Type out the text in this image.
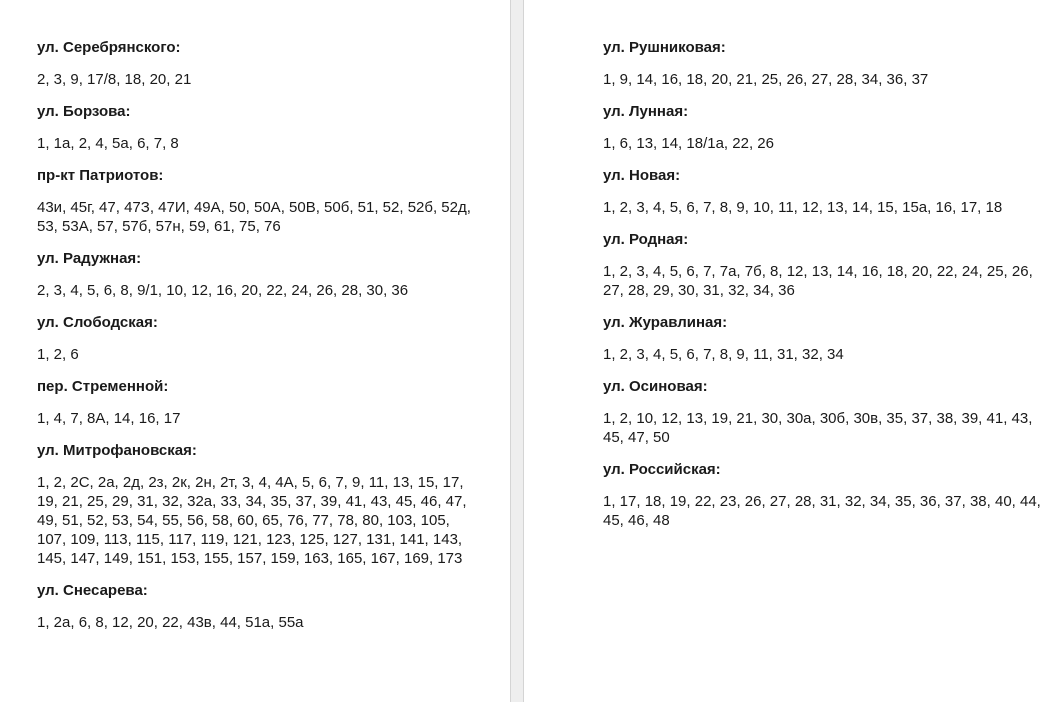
ул. Серебрянского:

2, 3, 9, 17/8, 18, 20, 21

ул. Борзова:

1, 1а, 2, 4, 5а, 6, 7, 8

пр-кт Патриотов:

43и, 45г, 47, 47З, 47И, 49А, 50, 50А, 50В, 50б, 51, 52, 52б, 52д, 53, 53А, 57, 57б, 57н, 59, 61, 75, 76

ул. Радужная:

2, 3, 4, 5, 6, 8, 9/1, 10, 12, 16, 20, 22, 24, 26, 28, 30, 36

ул. Слободская:

1, 2, 6

пер. Стременной:

1, 4, 7, 8А, 14, 16, 17

ул. Митрофановская:

1, 2, 2С, 2а, 2д, 2з, 2к, 2н, 2т, 3, 4, 4А, 5, 6, 7, 9, 11, 13, 15, 17, 19, 21, 25, 29, 31, 32, 32а, 33, 34, 35, 37, 39, 41, 43, 45, 46, 47, 49, 51, 52, 53, 54, 55, 56, 58, 60, 65, 76, 77, 78, 80, 103, 105, 107, 109, 113, 115, 117, 119, 121, 123, 125, 127, 131, 141, 143, 145, 147, 149, 151, 153, 155, 157, 159, 163, 165, 167, 169, 173

ул. Снесарева:

1, 2а, 6, 8, 12, 20, 22, 43в, 44, 51а, 55а

ул. Рушниковая:

1, 9, 14, 16, 18, 20, 21, 25, 26, 27, 28, 34, 36, 37

ул. Лунная:

1, 6, 13, 14, 18/1а, 22, 26

ул. Новая:

1, 2, 3, 4, 5, 6, 7, 8, 9, 10, 11, 12, 13, 14, 15, 15а, 16, 17, 18

ул. Родная:

1, 2, 3, 4, 5, 6, 7, 7а, 7б, 8, 12, 13, 14, 16, 18, 20, 22, 24, 25, 26, 27, 28, 29, 30, 31, 32, 34, 36

ул. Журавлиная:

1, 2, 3, 4, 5, 6, 7, 8, 9, 11, 31, 32, 34

ул. Осиновая:

1, 2, 10, 12, 13, 19, 21, 30, 30а, 30б, 30в, 35, 37, 38, 39, 41, 43, 45, 47, 50

ул. Российская:

1, 17, 18, 19, 22, 23, 26, 27, 28, 31, 32, 34, 35, 36, 37, 38, 40, 44, 45, 46, 48
